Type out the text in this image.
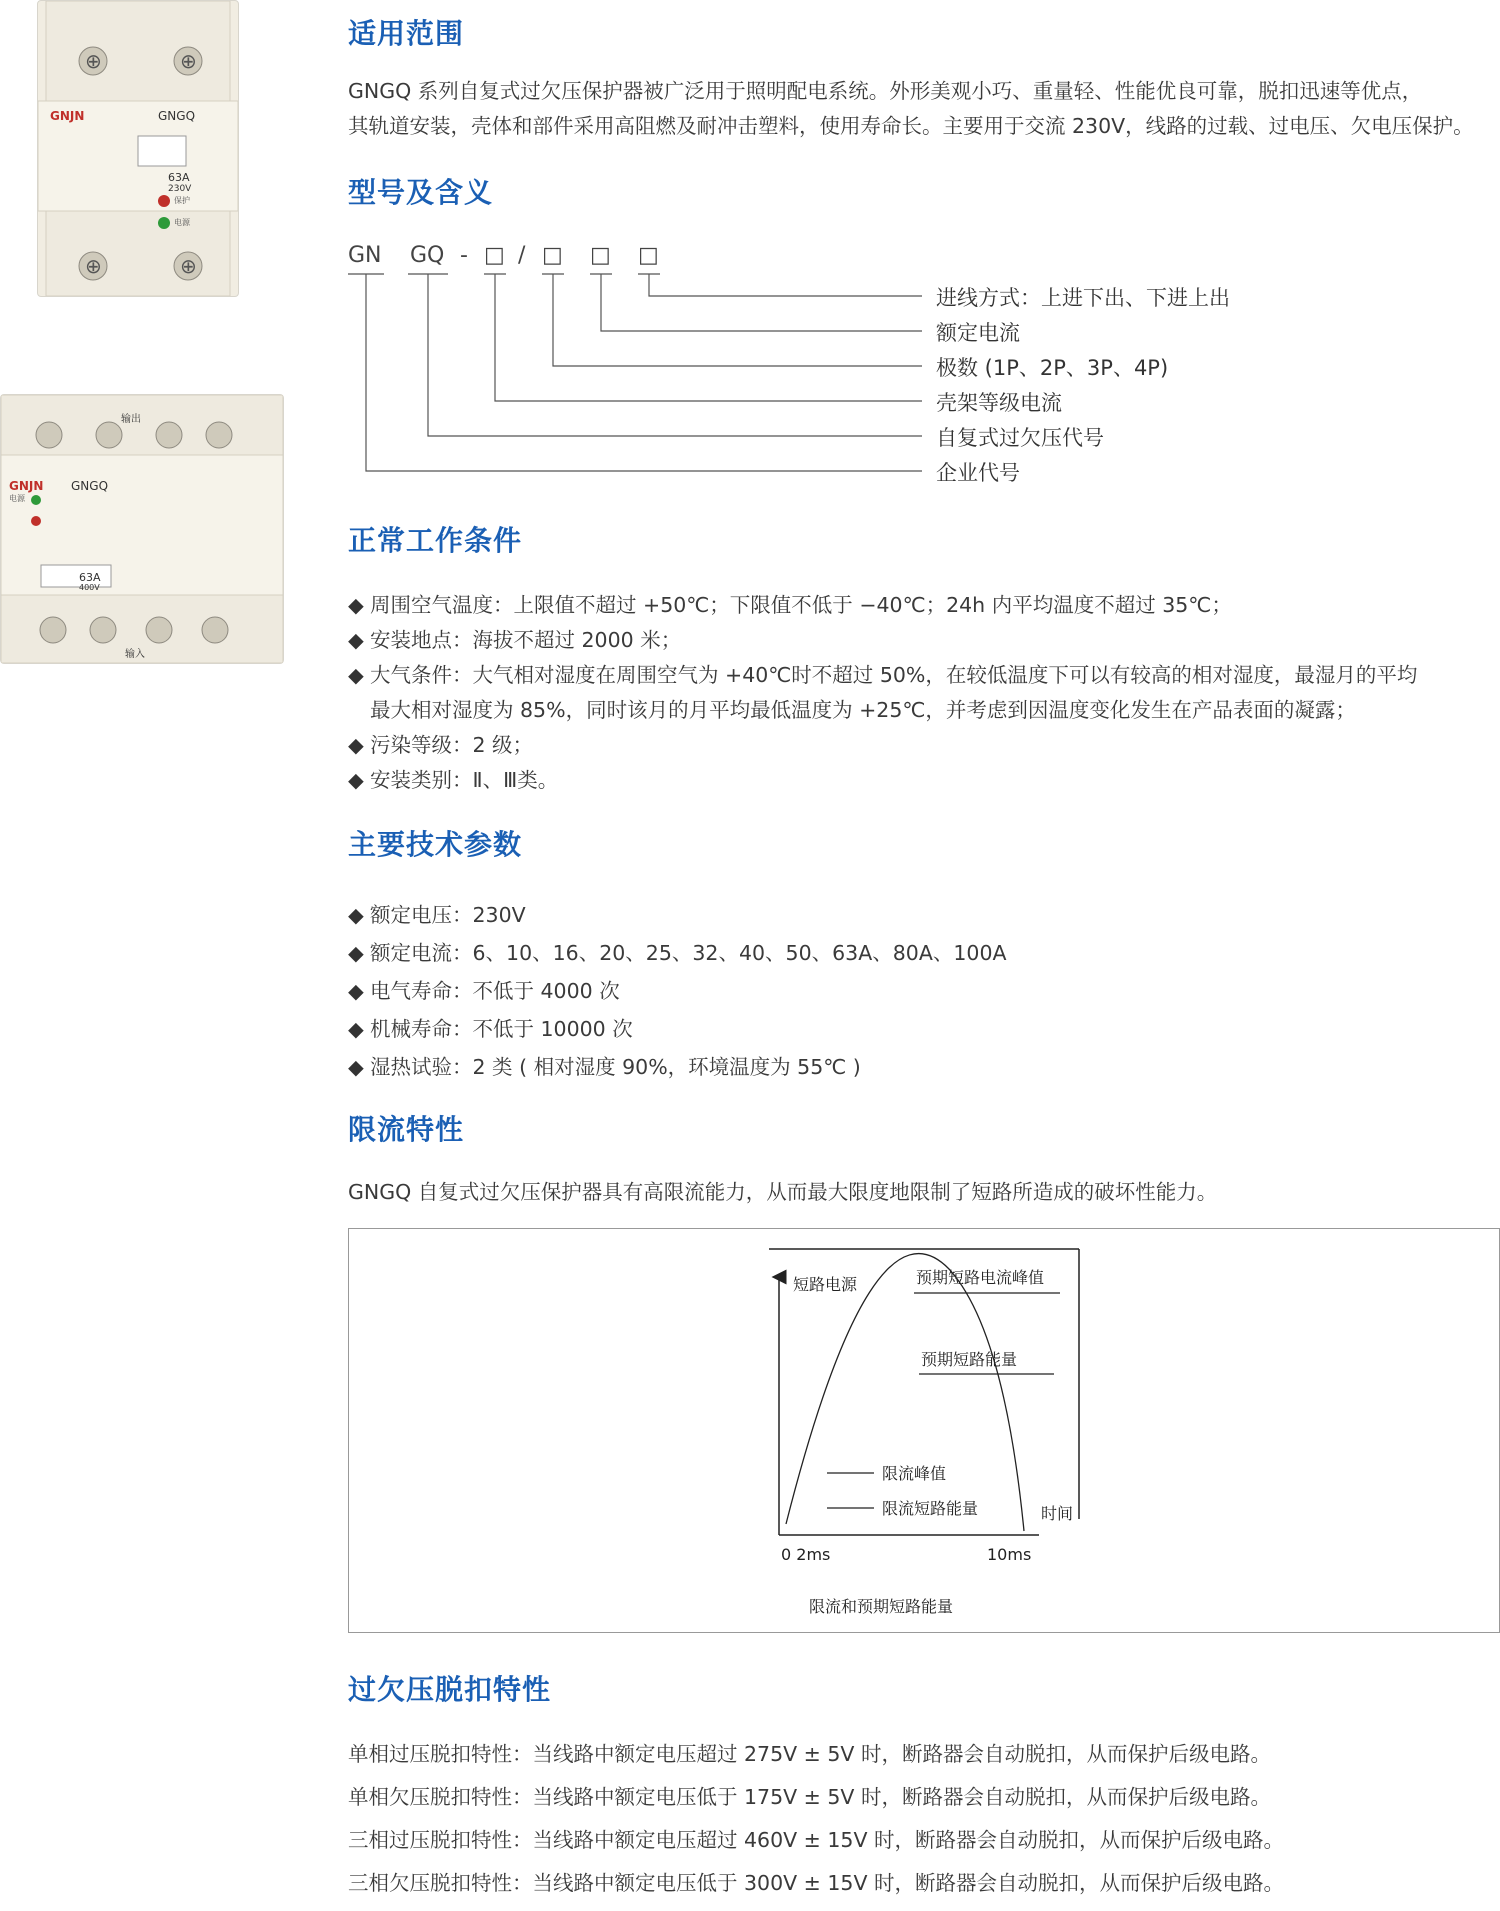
⊕	⊕
⊕	⊕
GNJN	GNGQ
63A
230V
保护
电源
输出
GNJN GNGQ
电源
63A
400V
输入
适用范围
GNGQ 系列自复式过欠压保护器被广泛用于照明配电系统。外形美观小巧、重量轻、性能优良可靠，脱扣迅速等优点，
其轨道安装，壳体和部件采用高阻燃及耐冲击塑料，使用寿命长。主要用于交流 230V，线路的过载、过电压、欠电压保护。
型号及含义
GN GQ - □ / □ □ □
进线方式：上进下出、下进上出
额定电流
极数 (1P、2P、3P、4P)
壳架等级电流
自复式过欠压代号
企业代号
正常工作条件
◆ 周围空气温度：上限值不超过 +50℃；下限值不低于 −40℃；24h 内平均温度不超过 35℃；
◆ 安装地点：海拔不超过 2000 米；
◆ 大气条件：大气相对湿度在周围空气为 +40℃时不超过 50%，在较低温度下可以有较高的相对湿度，最湿月的平均
最大相对湿度为 85%，同时该月的月平均最低温度为 +25℃，并考虑到因温度变化发生在产品表面的凝露；
◆ 污染等级：2 级；
◆ 安装类别：Ⅱ、Ⅲ类。
主要技术参数
◆ 额定电压：230V
◆ 额定电流：6、10、16、20、25、32、40、50、63A、80A、100A
◆ 电气寿命：不低于 4000 次
◆ 机械寿命：不低于 10000 次
◆ 湿热试验：2 类 ( 相对湿度 90%，环境温度为 55℃ )
限流特性
GNGQ 自复式过欠压保护器具有高限流能力，从而最大限度地限制了短路所造成的破坏性能力。
短路电源	预期短路电流峰值
预期短路能量
限流峰值
限流短路能量	时间
0 2ms	10ms
限流和预期短路能量
过欠压脱扣特性
单相过压脱扣特性：当线路中额定电压超过 275V ± 5V 时，断路器会自动脱扣，从而保护后级电路。
单相欠压脱扣特性：当线路中额定电压低于 175V ± 5V 时，断路器会自动脱扣，从而保护后级电路。
三相过压脱扣特性：当线路中额定电压超过 460V ± 15V 时，断路器会自动脱扣，从而保护后级电路。
三相欠压脱扣特性：当线路中额定电压低于 300V ± 15V 时，断路器会自动脱扣，从而保护后级电路。
